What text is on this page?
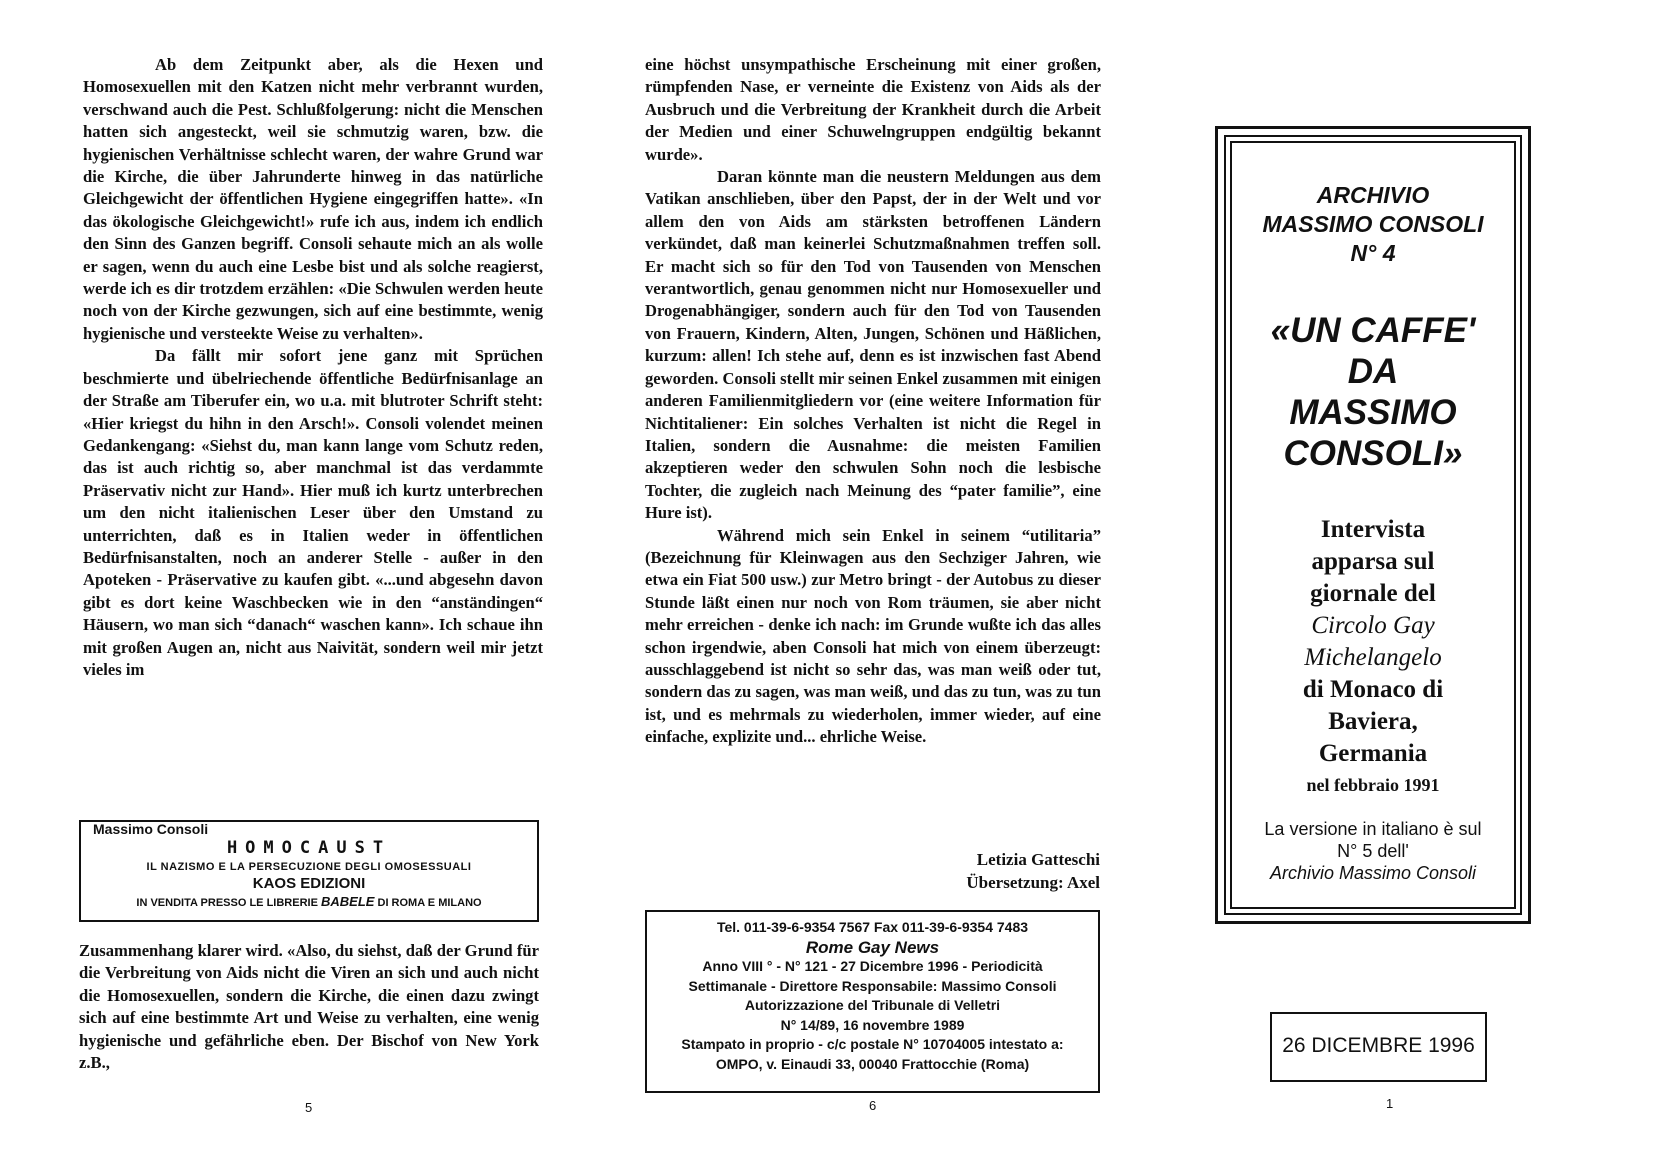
Ab dem Zeitpunkt aber, als die Hexen und Homosexuellen mit den Katzen nicht mehr verbrannt wurden, verschwand auch die Pest. Schlußfolgerung: nicht die Menschen hatten sich angesteckt, weil sie schmutzig waren, bzw. die hygienischen Verhältnisse schlecht waren, der wahre Grund war die Kirche, die über Jahrunderte hinweg in das natürliche Gleichgewicht der öffentlichen Hygiene eingegriffen hatte». «In das ökologische Gleichgewicht!» rufe ich aus, indem ich endlich den Sinn des Ganzen begriff. Consoli sehaute mich an als wolle er sagen, wenn du auch eine Lesbe bist und als solche reagierst, werde ich es dir trotzdem erzählen: «Die Schwulen werden heute noch von der Kirche gezwungen, sich auf eine bestimmte, wenig hygienische und versteekte Weise zu verhalten».

Da fällt mir sofort jene ganz mit Sprüchen beschmierte und übelriechende öffentliche Bedürfnisanlage an der Straße am Tiberufer ein, wo u.a. mit blutroter Schrift steht: «Hier kriegst du hihn in den Arsch!». Consoli volendet meinen Gedankengang: «Siehst du, man kann lange vom Schutz reden, das ist auch richtig so, aber manchmal ist das verdammte Präservativ nicht zur Hand». Hier muß ich kurtz unterbrechen um den nicht italienischen Leser über den Umstand zu unterrichten, daß es in Italien weder in öffentlichen Bedürfnisanstalten, noch an anderer Stelle - außer in den Apoteken - Präservative zu kaufen gibt. «...und abgesehn davon gibt es dort keine Waschbecken wie in den “anständingen“ Häusern, wo man sich “danach“ waschen kann». Ich schaue ihn mit großen Augen an, nicht aus Naivität, sondern weil mir jetzt vieles im

Massimo Consoli
HOMOCAUST
IL NAZISMO E LA PERSECUZIONE DEGLI OMOSESSUALI
KAOS EDIZIONI
IN VENDITA PRESSO LE LIBRERIE BABELE DI ROMA E MILANO

Zusammenhang klarer wird. «Also, du siehst, daß der Grund für die Verbreitung von Aids nicht die Viren an sich und auch nicht die Homosexuellen, sondern die Kirche, die einen dazu zwingt sich auf eine bestimmte Art und Weise zu verhalten, eine wenig hygienische und gefährliche eben. Der Bischof von New York z.B.,

5

eine höchst unsympathische Erscheinung mit einer großen, rümpfenden Nase, er verneinte die Existenz von Aids als der Ausbruch und die Verbreitung der Krankheit durch die Arbeit der Medien und einer Schuwelngruppen endgültig bekannt wurde».

Daran könnte man die neustern Meldungen aus dem Vatikan anschlieben, über den Papst, der in der Welt und vor allem den von Aids am stärksten betroffenen Ländern verkündet, daß man keinerlei Schutzmaßnahmen treffen soll. Er macht sich so für den Tod von Tausenden von Menschen verantwortlich, genau genommen nicht nur Homosexueller und Drogenabhängiger, sondern auch für den Tod von Tausenden von Frauern, Kindern, Alten, Jungen, Schönen und Häßlichen, kurzum: allen! Ich stehe auf, denn es ist inzwischen fast Abend geworden. Consoli stellt mir seinen Enkel zusammen mit einigen anderen Familienmitgliedern vor (eine weitere Information für Nichtitaliener: Ein solches Verhalten ist nicht die Regel in Italien, sondern die Ausnahme: die meisten Familien akzeptieren weder den schwulen Sohn noch die lesbische Tochter, die zugleich nach Meinung des “pater familie”, eine Hure ist).

Während mich sein Enkel in seinem “utilitaria” (Bezeichnung für Kleinwagen aus den Sechziger Jahren, wie etwa ein Fiat 500 usw.) zur Metro bringt - der Autobus zu dieser Stunde läßt einen nur noch von Rom träumen, sie aber nicht mehr erreichen - denke ich nach: im Grunde wußte ich das alles schon irgendwie, aben Consoli hat mich von einem überzeugt: ausschlaggebend ist nicht so sehr das, was man weiß oder tut, sondern das zu sagen, was man weiß, und das zu tun, was zu tun ist, und es mehrmals zu wiederholen, immer wieder, auf eine einfache, explizite und... ehrliche Weise.

Letizia Gatteschi
Übersetzung: Axel
Tel. 011-39-6-9354 7567 Fax 011-39-6-9354 7483
Rome Gay News
Anno VIII ° - N° 121 - 27 Dicembre 1996 - Periodicità
Settimanale - Direttore Responsabile: Massimo Consoli
Autorizzazione del Tribunale di Velletri
N° 14/89, 16 novembre 1989
Stampato in proprio - c/c postale N° 10704005 intestato a:
OMPO, v. Einaudi 33, 00040 Frattocchie (Roma)
6
ARCHIVIO
MASSIMO CONSOLI
N° 4
«UN CAFFE'
DA
MASSIMO
CONSOLI»
Intervista
apparsa sul
giornale del
Circolo Gay
Michelangelo
di Monaco di
Baviera,
Germania
nel febbraio 1991
La versione in italiano è sul
N° 5 dell'
Archivio Massimo Consoli
26 DICEMBRE 1996
1
